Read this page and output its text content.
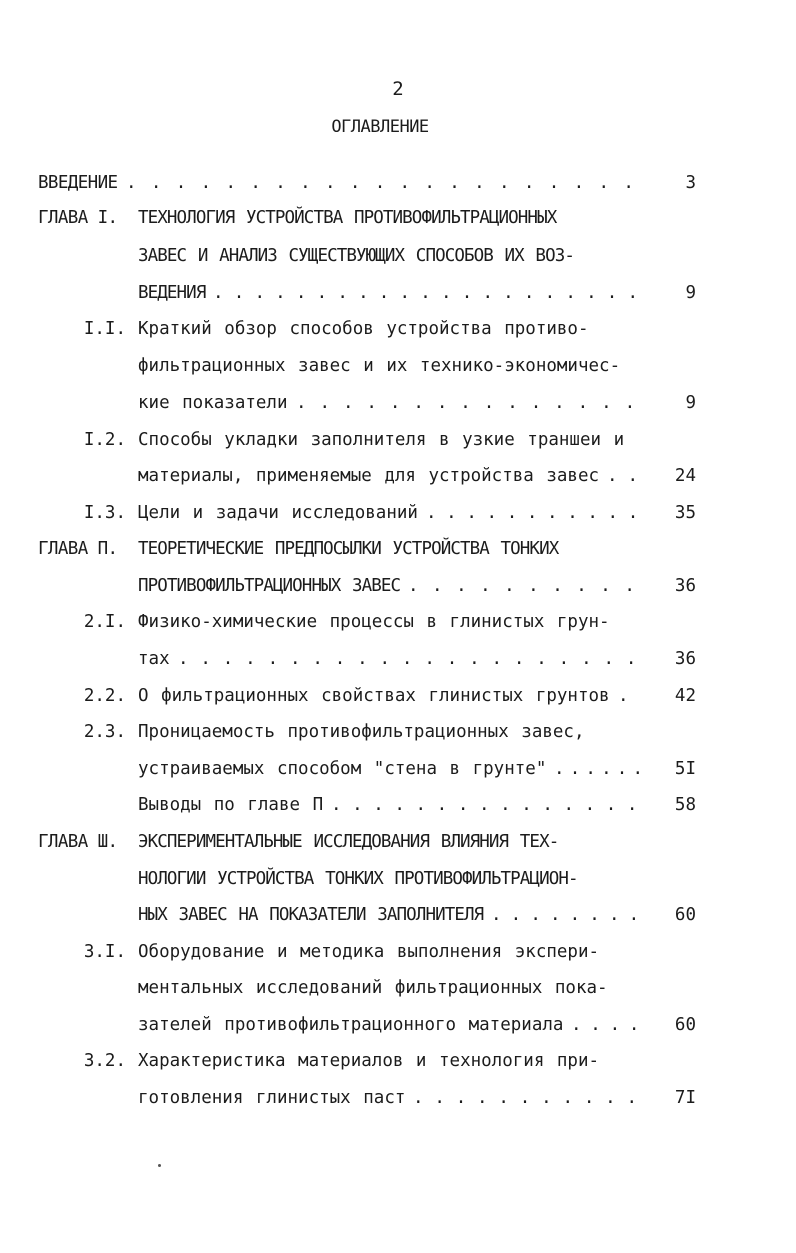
2
ОГЛАВЛЕНИЕ
ВВЕДЕНИЕ .....................	3
ГЛАВА I. ТЕХНОЛОГИЯ УСТРОЙСТВА ПРОТИВОФИЛЬТРАЦИОННЫХ
ЗАВЕС И АНАЛИЗ СУЩЕСТВУЮЩИХ СПОСОБОВ ИХ ВОЗ-
ВЕДЕНИЯ .....................	9
I.I. Краткий обзор способов устройства противо-
фильтрационных завес и их технико-экономичес-
кие показатели ...............	9
I.2. Способы укладки заполнителя в узкие траншеи и
материалы, применяемые для устройства завес ..	24
I.3. Цели и задачи исследований ...........	35
ГЛАВА П. ТЕОРЕТИЧЕСКИЕ ПРЕДПОСЫЛКИ УСТРОЙСТВА ТОНКИХ
ПРОТИВОФИЛЬТРАЦИОННЫХ ЗАВЕС ..........	36
2.I. Физико-химические процессы в глинистых грун-
тах .....................	36
2.2. О фильтрационных свойствах глинистых грунтов .	42
2.3. Проницаемость противофильтрационных завес,
устраиваемых способом "стена в грунте" ......	5I
Выводы по главе П ...............	58
ГЛАВА Ш. ЭКСПЕРИМЕНТАЛЬНЫЕ ИССЛЕДОВАНИЯ ВЛИЯНИЯ ТЕХ-
НОЛОГИИ УСТРОЙСТВА ТОНКИХ ПРОТИВОФИЛЬТРАЦИОН-
НЫХ ЗАВЕС НА ПОКАЗАТЕЛИ ЗАПОЛНИТЕЛЯ ........	60
3.I. Оборудование и методика выполнения экспери-
ментальных исследований фильтрационных пока-
зателей противофильтрационного материала ....	60
3.2. Характеристика материалов и технология при-
готовления глинистых паст ...........	7I
